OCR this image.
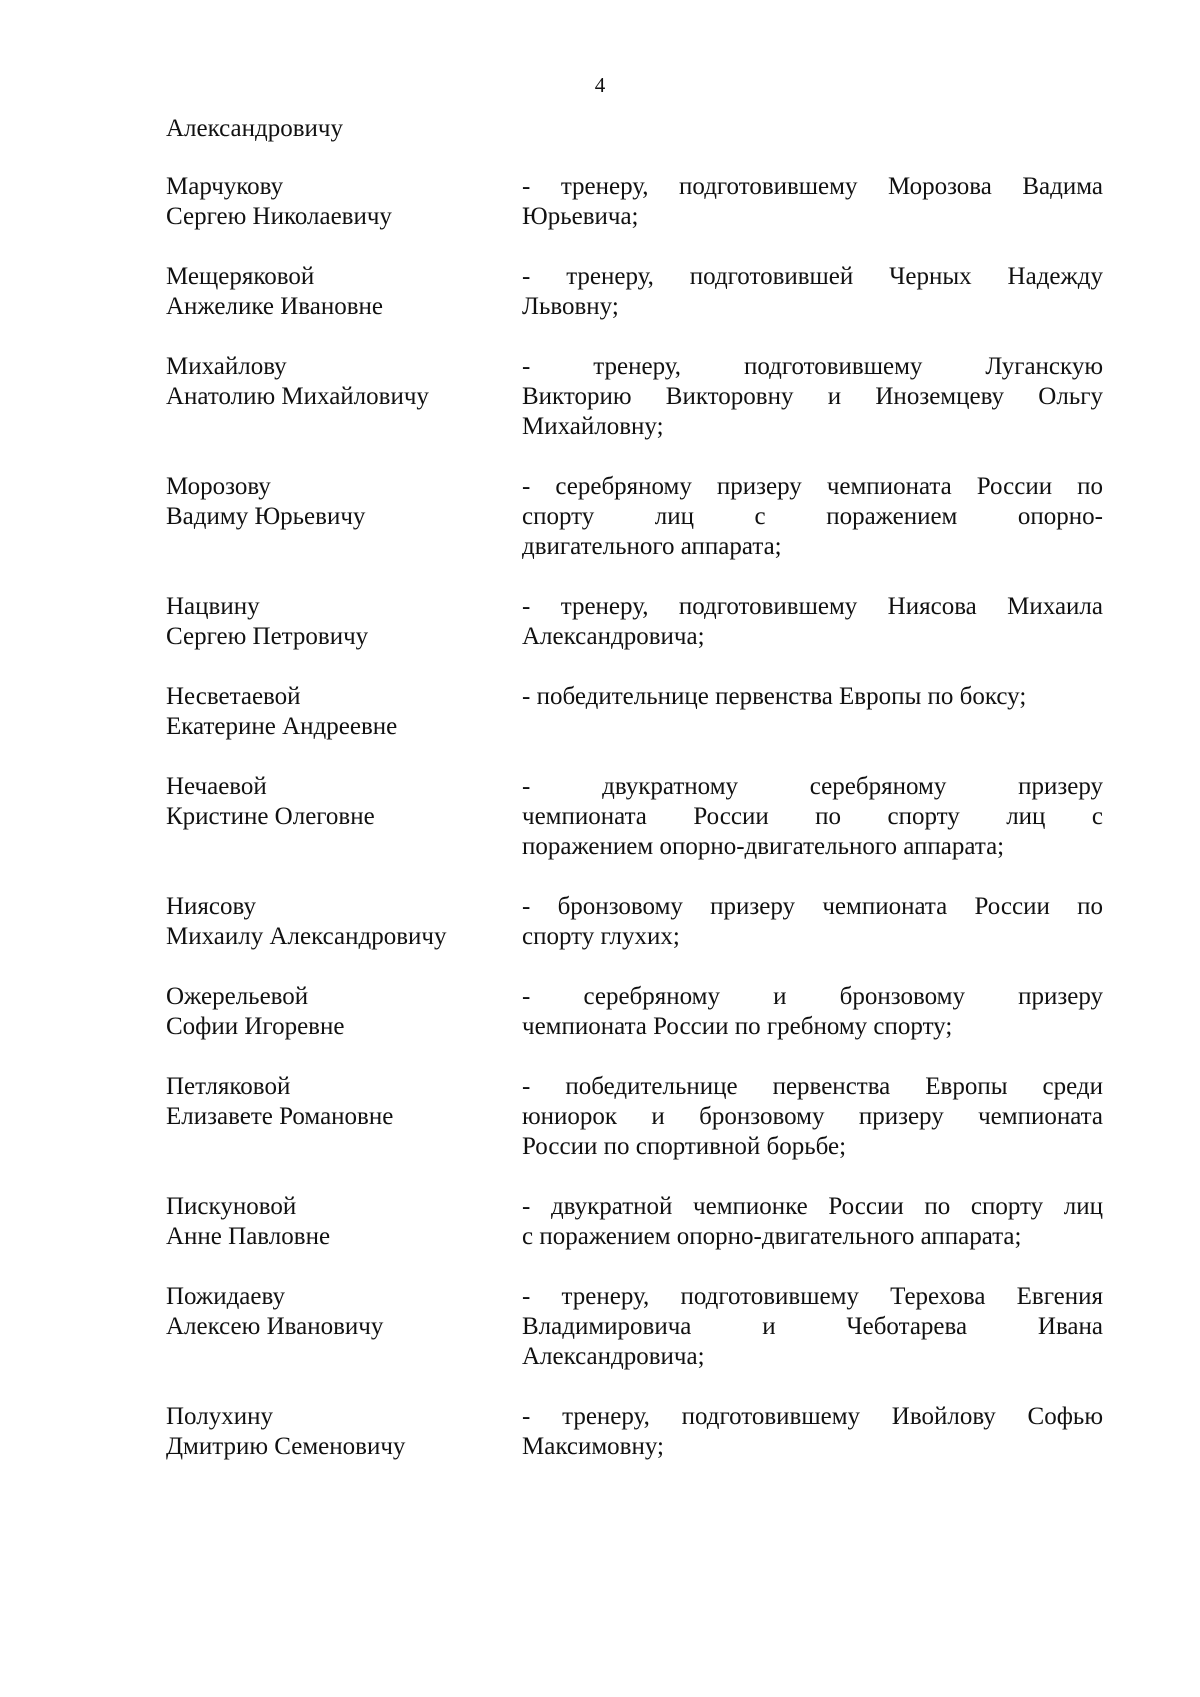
4
Александровичу
Марчукову
Сергею Николаевичу
- тренеру, подготовившему Морозова Вадима
Юрьевича;
Мещеряковой
Анжелике Ивановне
- тренеру, подготовившей Черных Надежду
Львовну;
Михайлову
Анатолию Михайловичу
- тренеру, подготовившему Луганскую
Викторию Викторовну и Иноземцеву Ольгу
Михайловну;
Морозову
Вадиму Юрьевичу
- серебряному призеру чемпионата России по
спорту лиц с поражением опорно-
двигательного аппарата;
Нацвину
Сергею Петровичу
- тренеру, подготовившему Ниясова Михаила
Александровича;
Несветаевой
Екатерине Андреевне
- победительнице первенства Европы по боксу;
Нечаевой
Кристине Олеговне
- двукратному серебряному призеру
чемпионата России по спорту лиц с
поражением опорно-двигательного аппарата;
Ниясову
Михаилу Александровичу
- бронзовому призеру чемпионата России по
спорту глухих;
Ожерельевой
Софии Игоревне
- серебряному и бронзовому призеру
чемпионата России по гребному спорту;
Петляковой
Елизавете Романовне
- победительнице первенства Европы среди
юниорок и бронзовому призеру чемпионата
России по спортивной борьбе;
Пискуновой
Анне Павловне
- двукратной чемпионке России по спорту лиц
с поражением опорно-двигательного аппарата;
Пожидаеву
Алексею Ивановичу
- тренеру, подготовившему Терехова Евгения
Владимировича и Чеботарева Ивана
Александровича;
Полухину
Дмитрию Семеновичу
- тренеру, подготовившему Ивойлову Софью
Максимовну;
